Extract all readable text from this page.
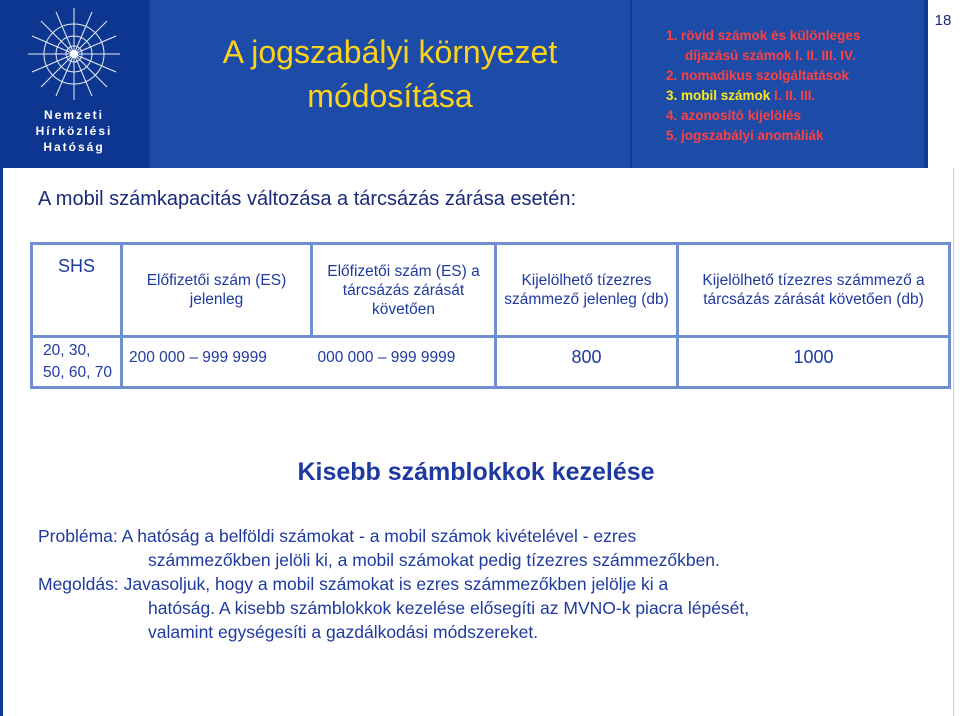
Nemzeti
Hírközlési
Hatóság
A jogszabályi környezet
módosítása
1. rövid számok és különleges
díjazású számok I. II. III. IV.
2. nomadikus szolgáltatások
3. mobil számok I. II. III.
4. azonosító kijelölés
5. jogszabályi anomáliák
18
A mobil számkapacitás változása a tárcsázás zárása esetén:
SHS	Előfizetői szám (ES) jelenleg	Előfizetői szám (ES) a tárcsázás zárását követően	Kijelölhető tízezres számmező jelenleg (db)	Kijelölhető tízezres számmező a tárcsázás zárását követően (db)

20, 30,
50, 60, 70	200 000 – 999 9999	000 000 – 999 9999	800	1000
Kisebb számblokkok kezelése
Probléma: A hatóság a belföldi számokat - a mobil számok kivételével - ezres
számmezőkben jelöli ki, a mobil számokat pedig tízezres számmezőkben.
Megoldás: Javasoljuk, hogy a mobil számokat is ezres számmezőkben jelölje ki a
hatóság. A kisebb számblokkok kezelése elősegíti az MVNO-k piacra lépését,
valamint egységesíti a gazdálkodási módszereket.
